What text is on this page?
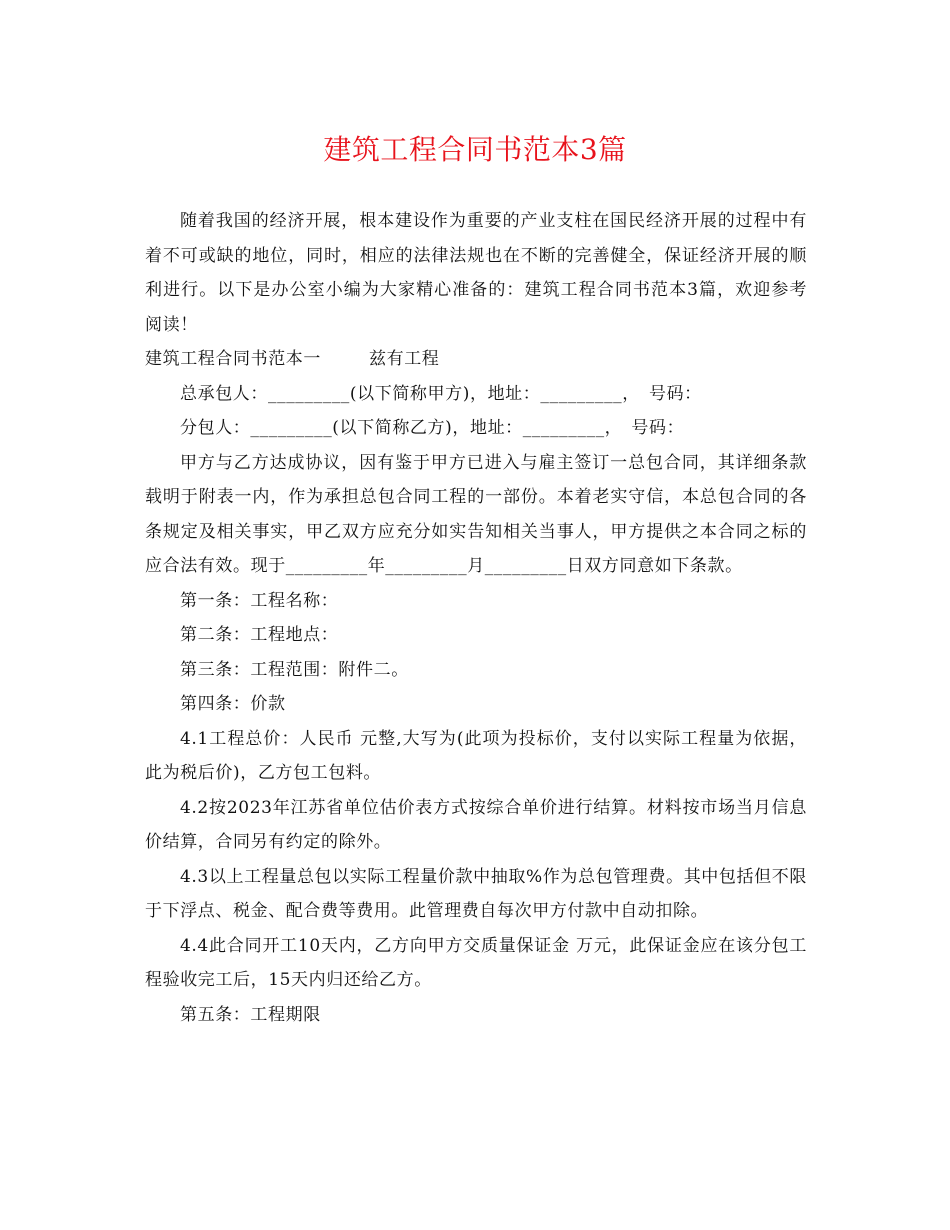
建筑工程合同书范本3篇

随着我国的经济开展，根本建设作为重要的产业支柱在国民经济开展的过程中有着不可或缺的地位，同时，相应的法律法规也在不断的完善健全，保证经济开展的顺利进行。以下是办公室小编为大家精心准备的：建筑工程合同书范本3篇，欢迎参考阅读！

建筑工程合同书范本一	兹有工程

总承包人：_________(以下简称甲方)，地址：_________，　号码：

分包人：_________(以下简称乙方)，地址：_________，　号码：

甲方与乙方达成协议，因有鉴于甲方已进入与雇主签订一总包合同，其详细条款载明于附表一内，作为承担总包合同工程的一部份。本着老实守信，本总包合同的各条规定及相关事实，甲乙双方应充分如实告知相关当事人，甲方提供之本合同之标的应合法有效。现于_________年_________月_________日双方同意如下条款。

第一条：工程名称：

第二条：工程地点：

第三条：工程范围：附件二。

第四条：价款

4.1工程总价：人民币 元整,大写为(此项为投标价，支付以实际工程量为依据，此为税后价)，乙方包工包料。

4.2按2023年江苏省单位估价表方式按综合单价进行结算。材料按市场当月信息价结算，合同另有约定的除外。

4.3以上工程量总包以实际工程量价款中抽取%作为总包管理费。其中包括但不限于下浮点、税金、配合费等费用。此管理费自每次甲方付款中自动扣除。

4.4此合同开工10天内，乙方向甲方交质量保证金 万元，此保证金应在该分包工程验收完工后，15天内归还给乙方。

第五条：工程期限
